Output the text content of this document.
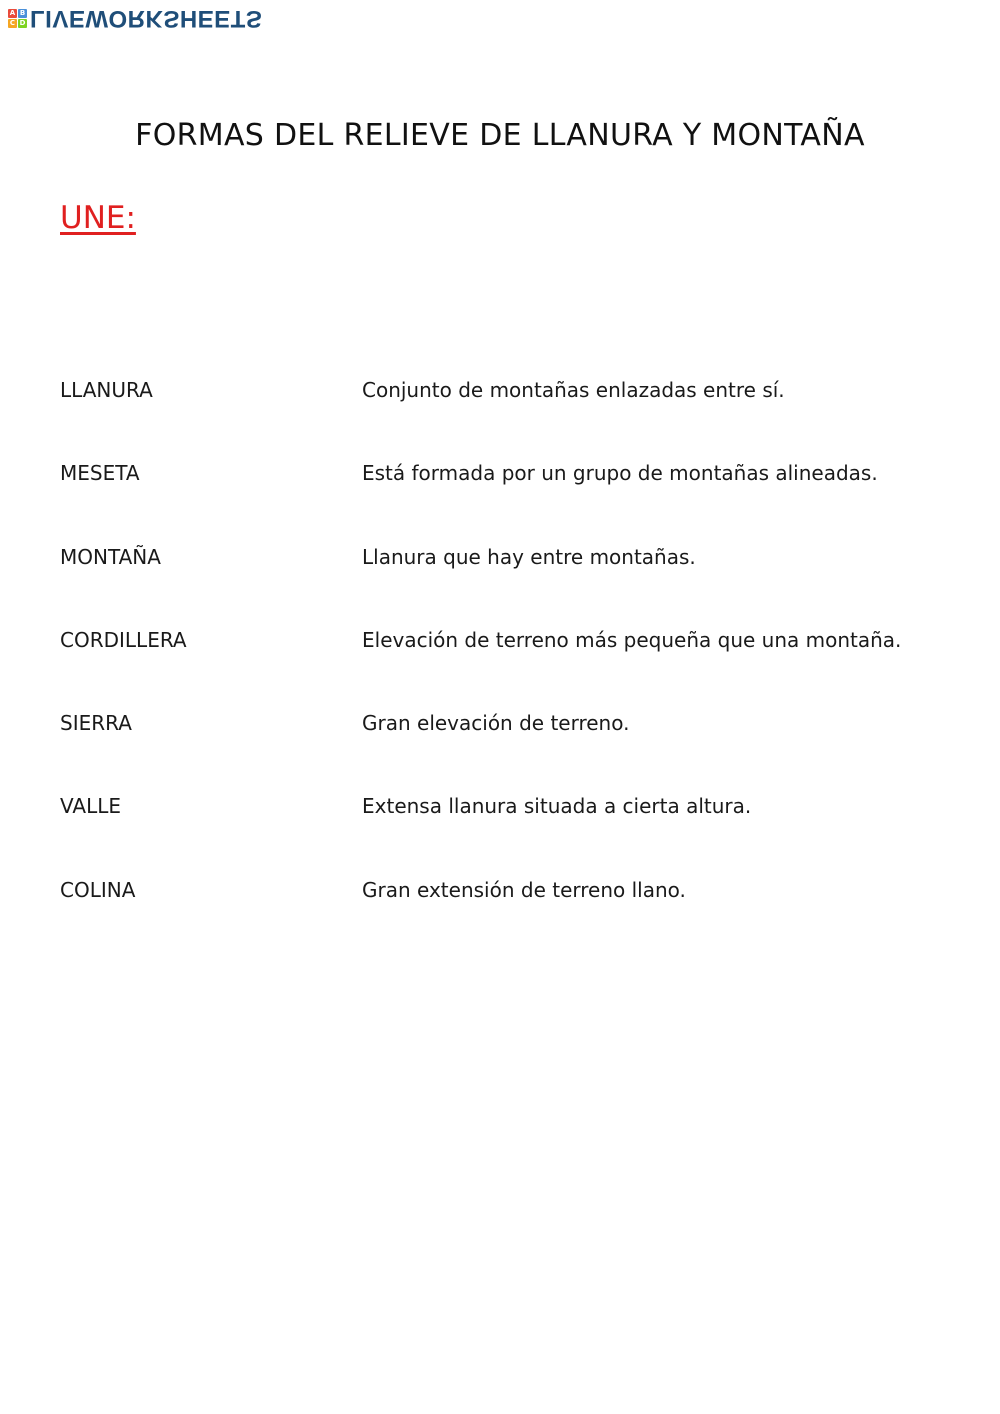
A B
C D LIVEWORKSHEETS
FORMAS DEL RELIEVE DE LLANURA Y MONTAÑA
UNE:
LLANURA	Conjunto de montañas enlazadas entre sí.
MESETA	Está formada por un grupo de montañas alineadas.
MONTAÑA	Llanura que hay entre montañas.
CORDILLERA	Elevación de terreno más pequeña que una montaña.
SIERRA	Gran elevación de terreno.
VALLE	Extensa llanura situada a cierta altura.
COLINA	Gran extensión de terreno llano.
